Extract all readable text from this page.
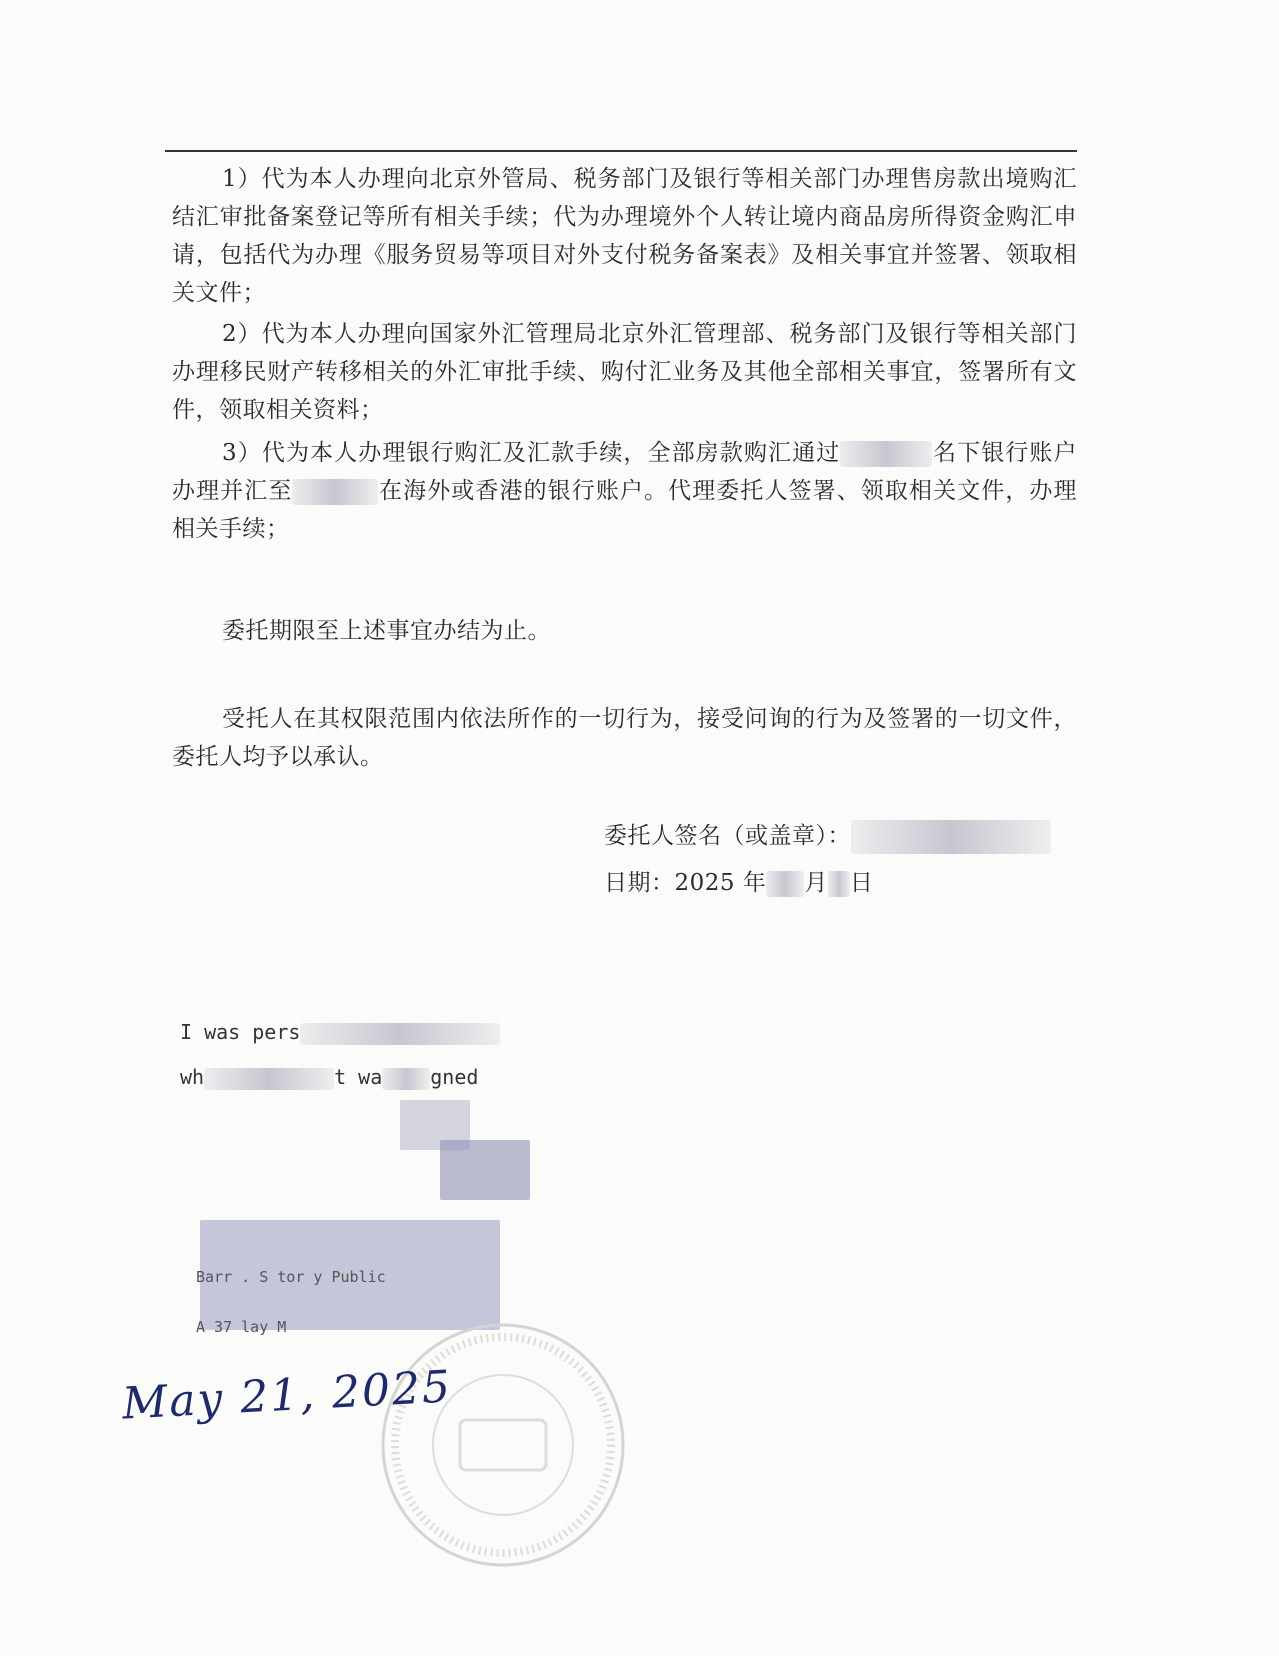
1）代为本人办理向北京外管局、税务部门及银行等相关部门办理售房款出境购汇结汇审批备案登记等所有相关手续；代为办理境外个人转让境内商品房所得资金购汇申请，包括代为办理《服务贸易等项目对外支付税务备案表》及相关事宜并签署、领取相关文件；

2）代为本人办理向国家外汇管理局北京外汇管理部、税务部门及银行等相关部门办理移民财产转移相关的外汇审批手续、购付汇业务及其他全部相关事宜，签署所有文件，领取相关资料；

3）代为本人办理银行购汇及汇款手续，全部房款购汇通过	名下银行账户办理并汇至	在海外或香港的银行账户。代理委托人签署、领取相关文件，办理相关手续；

委托期限至上述事宜办结为止。

受托人在其权限范围内依法所作的一切行为，接受问询的行为及签署的一切文件，委托人均予以承认。

委托人签名（或盖章）：
日期：2025 年 月 日
I was pers
wh	t wa gned
Barr . S tor y Public
A 37 lay M
May 21, 2025
